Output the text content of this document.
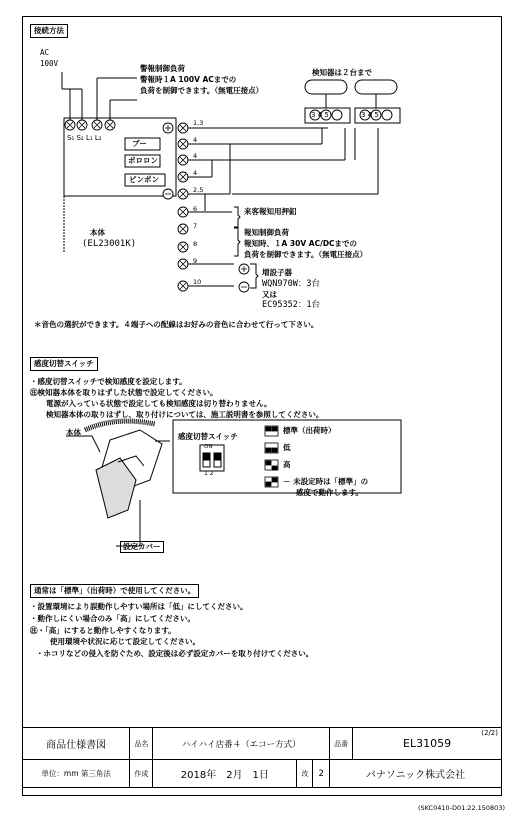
接続方法
AC
100V
警報制御負荷
警報時１A 100V ACまでの
負荷を制御できます。（無電圧接点）
検知器は２台まで
S₁ S₂ L₁ L₂
3 4 5	3 4 5
ブー
ポロロン
ピンポン
1,3
4
4
4
2,5
6
7
8
9
10
来客報知用押釦
本体
(EL23001K)
報知制御負荷
報知時、１A 30V AC/DCまでの
負荷を制御できます。（無電圧接点）
増設子器
WQN970W：3台
又は
EC95352：1台
＊音色の選択ができます。４端子への配線はお好みの音色に合わせて行って下さい。
感度切替スイッチ
・感度切替スイッチで検知感度を設定します。
㊟検知器本体を取りはずした状態で設定してください。
電源が入っている状態で設定しても検知感度は切り替わりません。
検知器本体の取りはずし、取り付けについては、施工説明書を参照してください。
本体
設定カバー
感度切替スイッチ
ON
1 2
標準（出荷時）
低
高
－ 未設定時は「標準」の
感度で動作します。
通常は「標準」（出荷時）で使用してください。
・設置環境により誤動作しやすい場所は「低」にしてください。
・動作しにくい場合のみ「高」にしてください。
㊟・「高」にすると動作しやすくなります。
使用環境や状況に応じて設定してください。
・ホコリなどの侵入を防ぐため、設定後は必ず設定カバーを取り付けてください。
商品仕様書図	品名	ハイハイ店番４（エコー方式）			品番	EL31059
(2/2)

単位：mm 第三角法	作成	2018年　2月　1日	改	2	パナソニック株式会社	
(SKC0410-D01.22.150803)
